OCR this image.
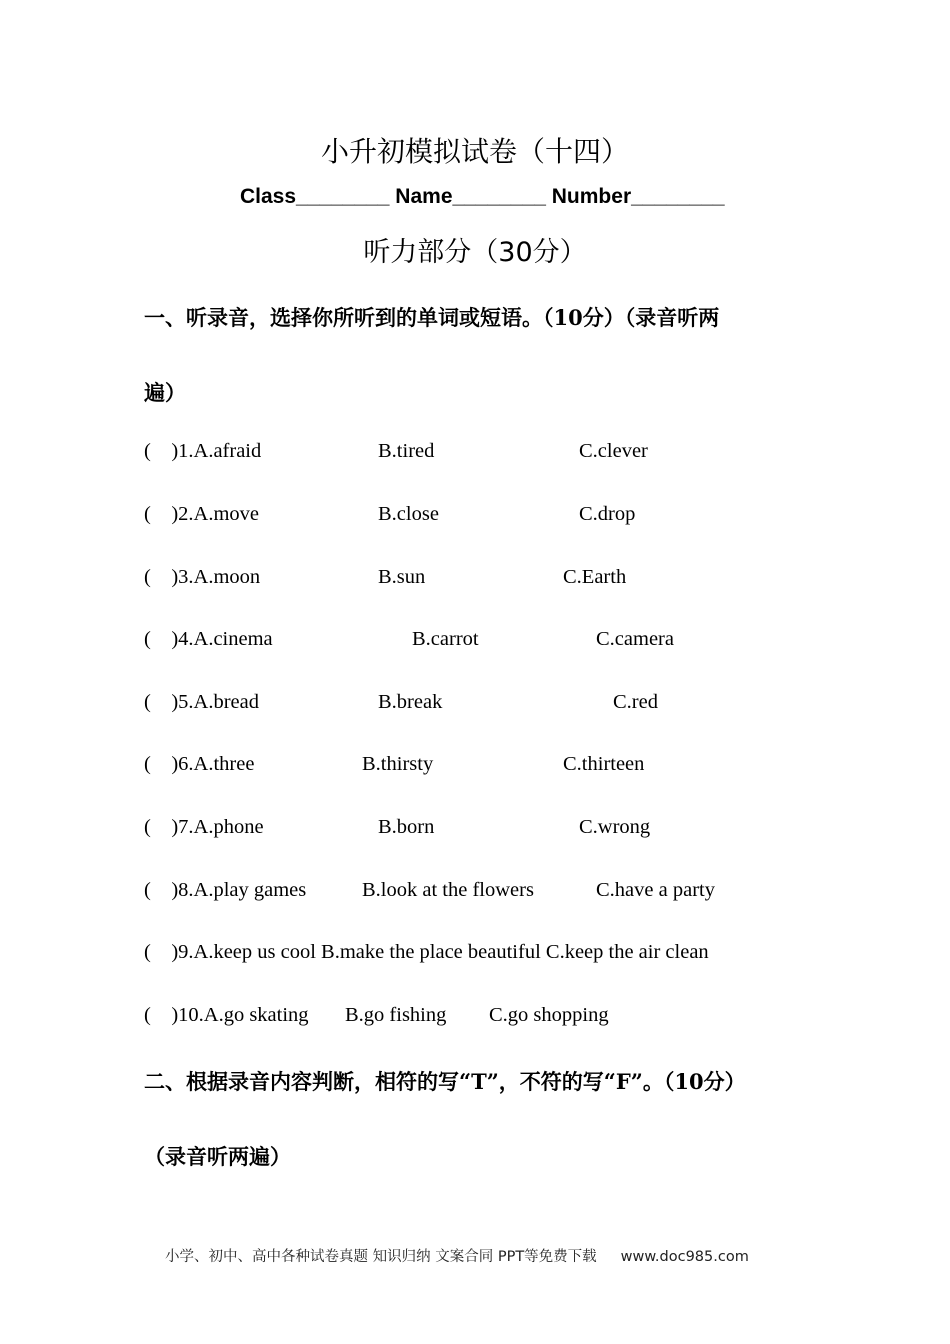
小升初模拟试卷（十四）
Class________ Name________ Number________
听力部分（30分）
一、听录音，选择你所听到的单词或短语。（10分）（录音听两
遍）
(    )1.A.afraid	B.tired	C.clever
(    )2.A.move	B.close	C.drop
(    )3.A.moon	B.sun	C.Earth
(    )4.A.cinema	B.carrot	C.camera
(    )5.A.bread	B.break	C.red
(    )6.A.three	B.thirsty	C.thirteen
(    )7.A.phone	B.born	C.wrong
(    )8.A.play games	B.look at the flowers	C.have a party
(    )9.A.keep us cool B.make the place beautiful C.keep the air clean
(    )10.A.go skating B.go fishing C.go shopping
二、根据录音内容判断，相符的写“T”，不符的写“F”。（10分）
（录音听两遍）
小学、初中、高中各种试卷真题 知识归纳 文案合同 PPT等免费下载 www.doc985.com
